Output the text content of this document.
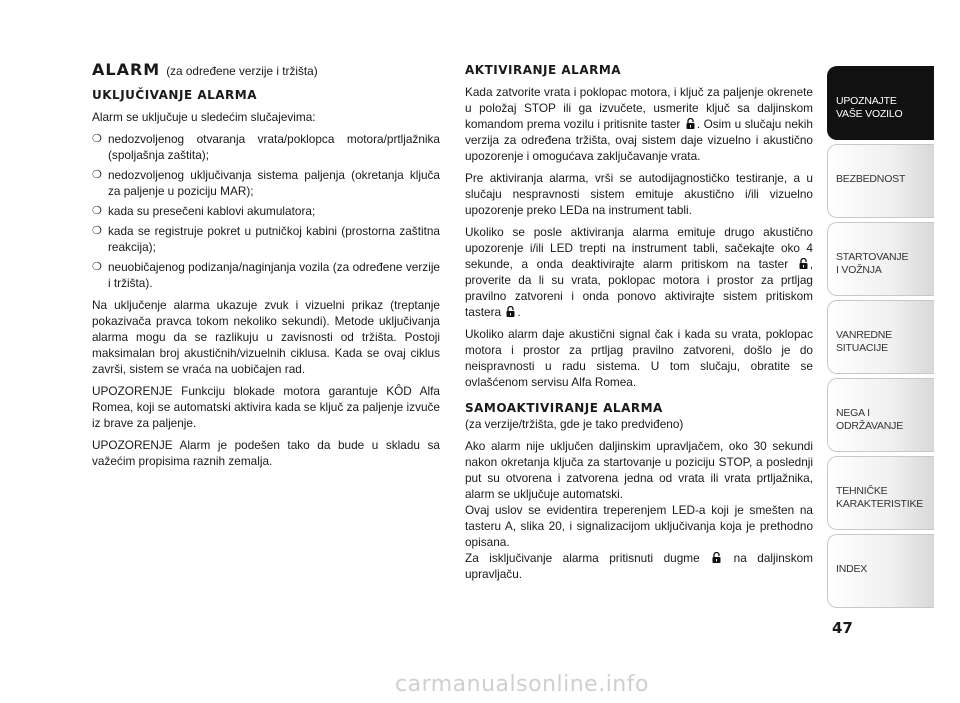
ALARM (za određene verzije i tržišta)
UKLJUČIVANJE ALARMA

Alarm se uključuje u sledećim slučajevima:

❍ nedozvoljenog otvaranja vrata/poklopca motora/prtljažnika (spoljašnja zaštita);
❍ nedozvoljenog uključivanja sistema paljenja (okretanja ključa za paljenje u poziciju MAR);
❍ kada su presečeni kablovi akumulatora;
❍ kada se registruje pokret u putničkoj kabini (prostorna zaštitna reakcija);
❍ neuobičajenog podizanja/naginjanja vozila (za određene verzije i tržišta).

Na uključenje alarma ukazuje zvuk i vizuelni prikaz (treptanje pokazivača pravca tokom nekoliko sekundi). Metode uključivanja alarma mogu da se razlikuju u zavisnosti od tržišta. Postoji maksimalan broj akustičnih/vizuelnih ciklusa. Kada se ovaj ciklus završi, sistem se vraća na uobičajen rad.

UPOZORENJE Funkciju blokade motora garantuje KÔD Alfa Romea, koji se automatski aktivira kada se ključ za paljenje izvuče iz brave za paljenje.

UPOZORENJE Alarm je podešen tako da bude u skladu sa važećim propisima raznih zemalja.

AKTIVIRANJE ALARMA

Kada zatvorite vrata i poklopac motora, i ključ za paljenje okrenete u položaj STOP ili ga izvučete, usmerite ključ sa daljinskom komandom prema vozilu i pritisnite taster . Osim u slučaju nekih verzija za određena tržišta, ovaj sistem daje vizuelno i akustično upozorenje i omogućava zaključavanje vrata.

Pre aktiviranja alarma, vrši se autodijagnostičko testiranje, a u slučaju nespravnosti sistem emituje akustično i/ili vizuelno upozorenje preko LEDa na instrument tabli.

Ukoliko se posle aktiviranja alarma emituje drugo akustično upozorenje i/ili LED trepti na instrument tabli, sačekajte oko 4 sekunde, a onda deaktivirajte alarm pritiskom na taster , proverite da li su vrata, poklopac motora i prostor za prtljag pravilno zatvoreni i onda ponovo aktivirajte sistem pritiskom tastera .

Ukoliko alarm daje akustični signal čak i kada su vrata, poklopac motora i prostor za prtljag pravilno zatvoreni, došlo je do neispravnosti u radu sistema. U tom slučaju, obratite se ovlašćenom servisu Alfa Romea.

SAMOAKTIVIRANJE ALARMA

(za verzije/tržišta, gde je tako predviđeno)

Ako alarm nije uključen daljinskim upravljačem, oko 30 sekundi nakon okretanja ključa za startovanje u poziciju STOP, a poslednji put su otvorena i zatvorena jedna od vrata ili vrata prtljažnika, alarm se uključuje automatski.

Ovaj uslov se evidentira treperenjem LED-a koji je smešten na tasteru A, slika 20, i signalizacijom uključivanja koja je prethodno opisana.

Za isključivanje alarma pritisnuti dugme	na daljinskom upravljaču.

UPOZNAJTE
VAŠE VOZILO
BEZBEDNOST
STARTOVANJE
I VOŽNJA
VANREDNE
SITUACIJE
NEGA I
ODRŽAVANJE
TEHNIČKE
KARAKTERISTIKE
INDEX
47
carmanualsonline.info
